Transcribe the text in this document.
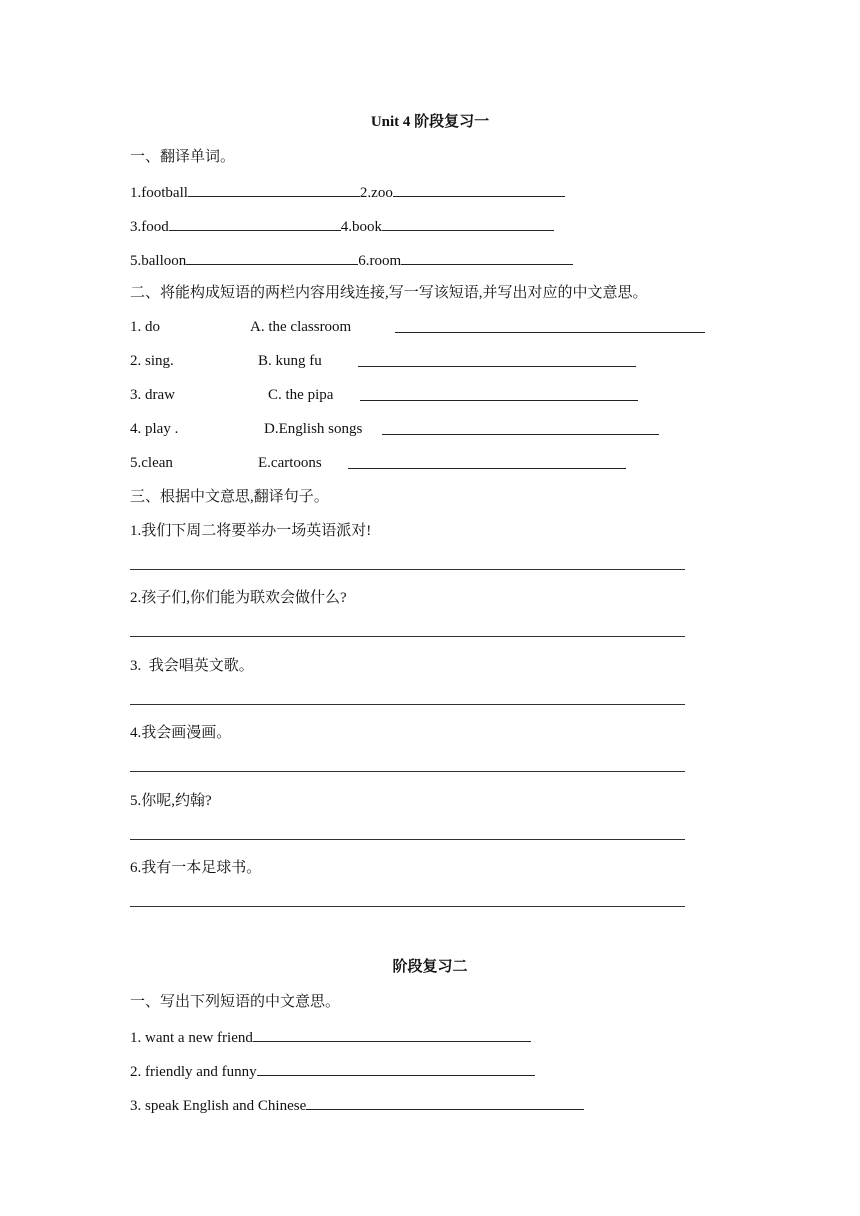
Unit 4 阶段复习一
一、翻译单词。
1.football	2.zoo
3.food	4.book
5.balloon	6.room
二、将能构成短语的两栏内容用线连接,写一写该短语,并写出对应的中文意思。
1. do	A. the classroom
2. sing.	B. kung fu
3. draw	C. the pipa
4. play .	D.English songs
5.clean	E.cartoons
三、根据中文意思,翻译句子。
1.我们下周二将要举办一场英语派对!
2.孩子们,你们能为联欢会做什么?
3.  我会唱英文歌。
4.我会画漫画。
5.你呢,约翰?
6.我有一本足球书。
阶段复习二
一、写出下列短语的中文意思。
1. want a new friend
2. friendly and funny
3. speak English and Chinese
